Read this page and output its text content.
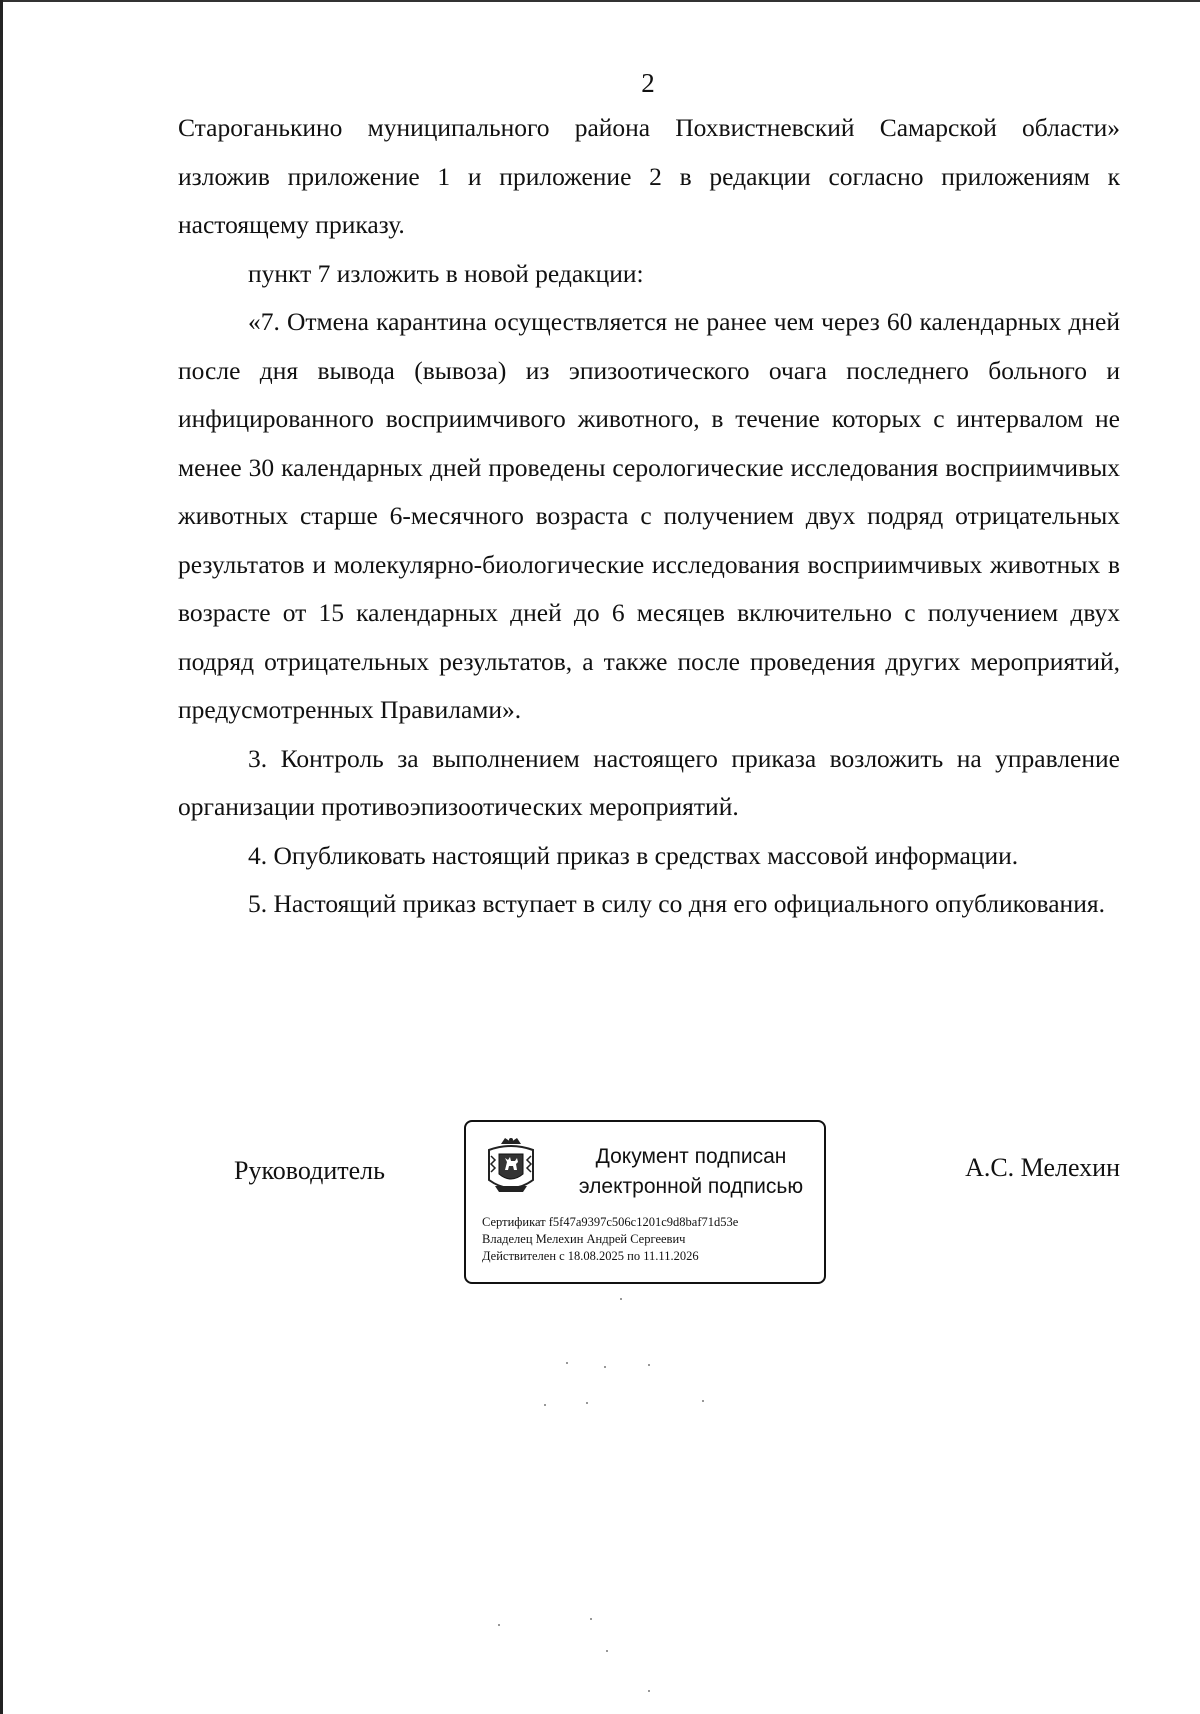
2

Староганькино муниципального района Похвистневский Самарской области» изложив приложение 1 и приложение 2 в редакции согласно приложениям к настоящему приказу.

пункт 7 изложить в новой редакции:

«7. Отмена карантина осуществляется не ранее чем через 60 календарных дней после дня вывода (вывоза) из эпизоотического очага последнего больного и инфицированного восприимчивого животного, в течение которых с интервалом не менее 30 календарных дней проведены серологические исследования восприимчивых животных старше 6-месячного возраста с получением двух подряд отрицательных результатов и молекулярно-биологические исследования восприимчивых животных в возрасте от 15 календарных дней до 6 месяцев включительно с получением двух подряд отрицательных результатов, а также после проведения других мероприятий, предусмотренных Правилами».

3. Контроль за выполнением настоящего приказа возложить на управление организации противоэпизоотических мероприятий.

4. Опубликовать настоящий приказ в средствах массовой информации.

5. Настоящий приказ вступает в силу со дня его официального опубликования.

Руководитель	Документ подписан
электронной подписью
Сертификат f5f47a9397c506c1201c9d8baf71d53e
Владелец Мелехин Андрей Сергеевич
Действителен с 18.08.2025 по 11.11.2026
А.С. Мелехин
